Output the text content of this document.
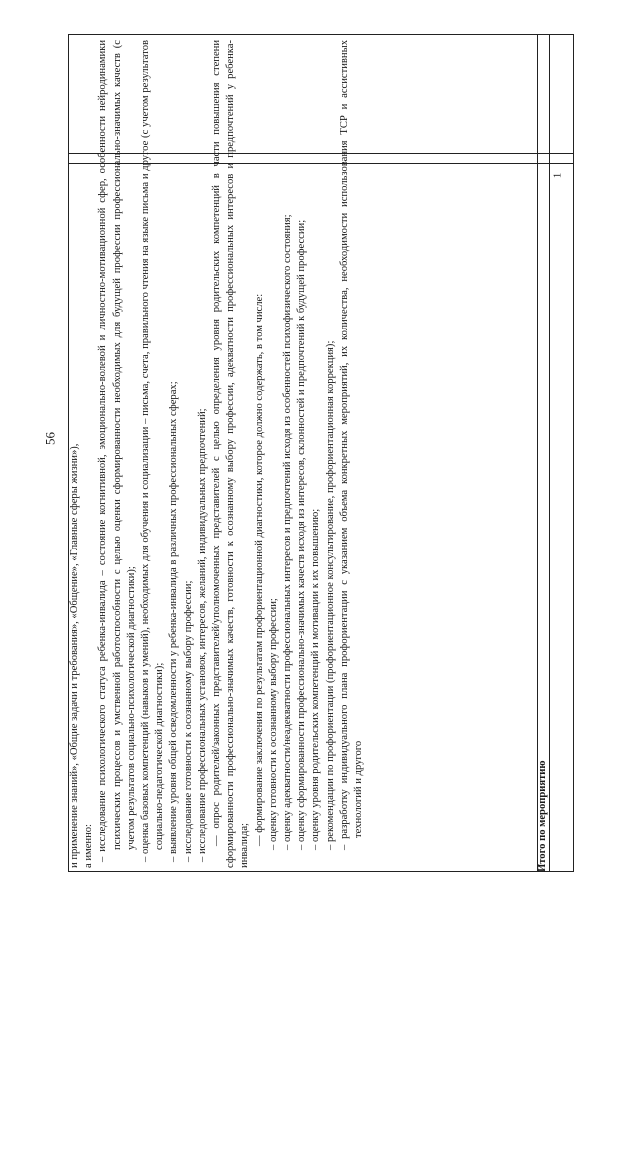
56

и применение знаний», «Общие задачи и требования», «Общение», «Главные сферы жизни»), а именно: – исследование психологического статуса ребенка-инвалида – состояние когнитивной, эмоционально-волевой и личностно-мотивационной сфер, особенности нейродинамики психических процессов и умственной работоспособности с целью оценки сформированности необходимых для будущей профессии профессионально-значимых качеств (с учетом результатов социально-психологической диагностики); – оценка базовых компетенций (навыков и умений), необходимых для обучения и социализации – письма, счета, правильного чтения на языке письма и другое (с учетом результатов социально-педагогической диагностики); – выявление уровня общей осведомленности у ребенка-инвалида в различных профессиональных сферах; – исследование готовности к осознанному выбору профессии; – исследование профессиональных установок, интересов, желаний, индивидуальных предпочтений; — опрос родителей/законных представителей/уполномоченных представителей с целью определения уровня родительских компетенций в части повышения степени сформированности профессионально-значимых качеств, готовности к осознанному выбору профессии, адекватности профессиональных интересов и предпочтений у ребенка-инвалида; — формирование заключения по результатам профориентационной диагностики, которое должно содержать, в том числе: – оценку готовности к осознанному выбору профессии; – оценку адекватности/неадекватности профессиональных интересов и предпочтений исходя из особенностей психофизического состояния; – оценку сформированности профессионально-значимых качеств исходя из интересов, склонностей и предпочтений к будущей профессии; – оценку уровня родительских компетенций и мотивации к их повышению; – рекомендации по профориентации (профориентационное консультирование, профориентационная коррекция); – разработку индивидуального плана профориентации с указанием объема конкретных мероприятий, их количества, необходимости использования ТСР и ассистивных технологий и другого	Итого по мероприятию
1
